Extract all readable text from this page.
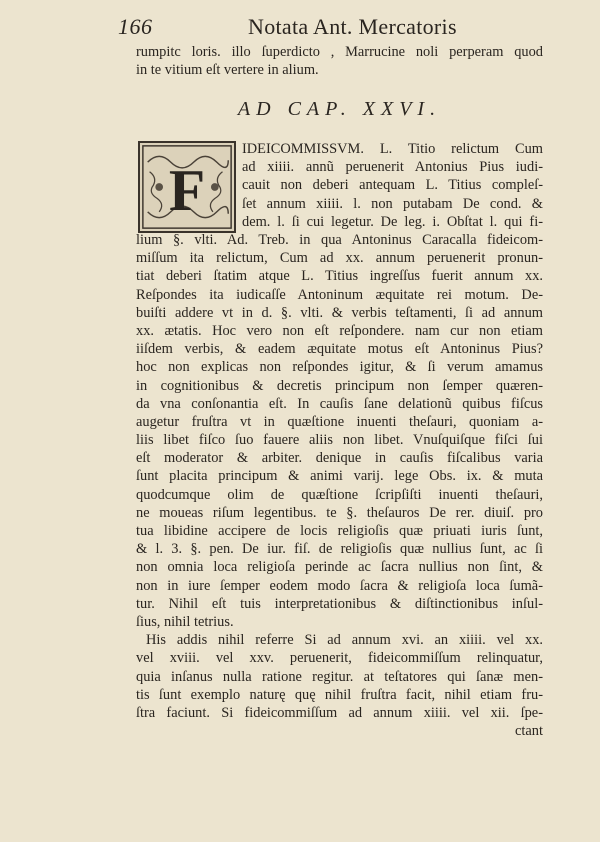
166	Notata Ant. Mercatoris
rumpitc loris. illo ſuperdicto , Marrucine noli perperam quod
in te vitium eſt vertere in alium.
AD CAP. XXVI.
F
IDEICOMMISSVM. L. Titio relictum Cum
ad xiiii. annũ peruenerit Antonius Pius iudi-
cauit non deberi antequam L. Titius compleſ-
ſet annum xiiii. l. non putabam De cond. &
dem. l. ſi cui legetur. De leg. i. Obſtat l. qui fi-
lium §. vlti. Ad. Treb. in qua Antoninus Caracalla fideicom-
miſſum ita relictum, Cum ad xx. annum peruenerit pronun-
tiat deberi ſtatim atque L. Titius ingreſſus fuerit annum xx.
Reſpondes ita iudicaſſe Antoninum æquitate rei motum. De-
buiſti addere vt in d. §. vlti. & verbis teſtamenti, ſi ad annum
xx. ætatis. Hoc vero non eſt reſpondere. nam cur non etiam
iiſdem verbis, & eadem æquitate motus eſt Antoninus Pius?
hoc non explicas non reſpondes igitur, & ſi verum amamus
in cognitionibus & decretis principum non ſemper quæren-
da vna conſonantia eſt. In cauſis ſane delationũ quibus fiſcus
augetur fruſtra vt in quæſtione inuenti theſauri, quoniam a-
liis libet fiſco ſuo fauere aliis non libet. Vnuſquiſque fiſci ſui
eſt moderator & arbiter. denique in cauſis fiſcalibus varia
ſunt placita principum & animi varij. lege Obs. ix. & muta
quodcumque olim de quæſtione ſcripſiſti inuenti theſauri,
ne moueas riſum legentibus. te §. theſauros De rer. diuiſ. pro
tua libidine accipere de locis religioſis quæ priuati iuris ſunt,
& l. 3. §. pen. De iur. fiſ. de religioſis quæ nullius ſunt, ac ſi
non omnia loca religioſa perinde ac ſacra nullius non ſint, &
non in iure ſemper eodem modo ſacra & religioſa loca ſumã-
tur. Nihil eſt tuis interpretationibus & diſtinctionibus inſul-
ſius, nihil tetrius.
His addis nihil referre Si ad annum xvi. an xiiii. vel xx.
vel xviii. vel xxv. peruenerit, fideicommiſſum relinquatur,
quia inſanus nulla ratione regitur. at teſtatores qui ſanæ men-
tis ſunt exemplo naturę quę nihil fruſtra facit, nihil etiam fru-
ſtra faciunt. Si fideicommiſſum ad annum xiiii. vel xii. ſpe-
ctant
